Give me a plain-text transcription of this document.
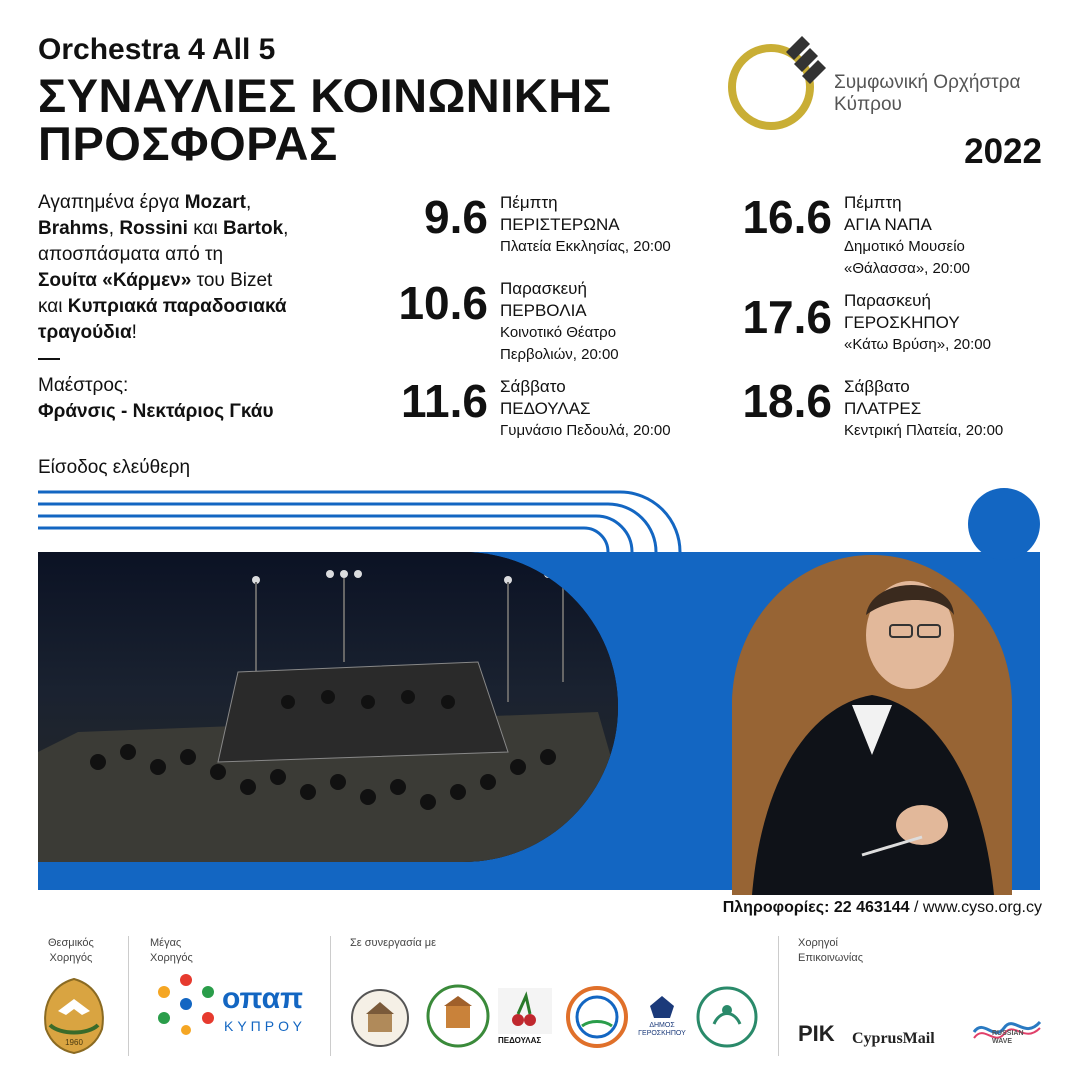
Orchestra 4 All 5
ΣΥΝΑΥΛΙΕΣ ΚΟΙΝΩΝΙΚΗΣ
ΠΡΟΣΦΟΡΑΣ
Συμφωνική Ορχήστρα
Κύπρου
2022

Αγαπημένα έργα Mozart,

Brahms, Rossini και Bartok,

αποσπάσματα από τη

Σουίτα «Κάρμεν» του Bizet

και Κυπριακά παραδοσιακά

τραγούδια!

Μαέστρος:
Φράνσις - Νεκτάριος Γκάυ
Είσοδος ελεύθερη
9.6 Πέμπτη
ΠΕΡΙΣΤΕΡΩΝΑ
Πλατεία Εκκλησίας, 20:00
10.6 Παρασκευή
ΠΕΡΒΟΛΙΑ
Κοινοτικό Θέατρο
Περβολιών, 20:00
11.6 Σάββατο
ΠΕΔΟΥΛΑΣ
Γυμνάσιο Πεδουλά, 20:00
16.6 Πέμπτη
ΑΓΙΑ ΝΑΠΑ
Δημοτικό Μουσείο
«Θάλασσα», 20:00
17.6 Παρασκευή
ΓΕΡΟΣΚΗΠΟΥ
«Κάτω Βρύση», 20:00
18.6 Σάββατο
ΠΛΑΤΡΕΣ
Κεντρική Πλατεία, 20:00
Πληροφορίες: 22 463144 / www.cyso.org.cy
Θεσμικός
Χορηγός
Μέγας
Χορηγός
Σε συνεργασία με	Χορηγοί
Επικοινωνίας
1960
οπαπ
ΚΥΠΡΟΥ
ΠΕΔΟΥΛΑΣ
ΔΗΜΟΣ
ΓΕΡΟΣΚΗΠΟΥ	ΡΙΚ CyprusMail	RUSSIAN
WAVE
